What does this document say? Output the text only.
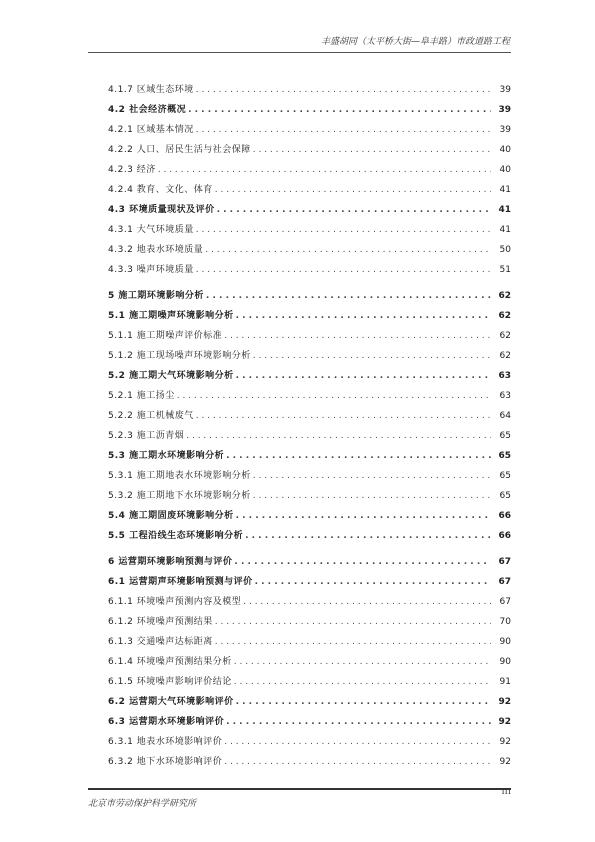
丰盛胡同（太平桥大街—阜丰路）市政道路工程
4.1.7 区域生态环境 . . .	39
4.2 社会经济概况 . . .	39
4.2.1 区域基本情况 . . .	39
4.2.2 人口、居民生活与社会保障 . . .	40
4.2.3 经济 . . .	40
4.2.4 教育、文化、体育 . . .	41
4.3 环境质量现状及评价 . . .	41
4.3.1 大气环境质量 . . .	41
4.3.2 地表水环境质量 . . .	50
4.3.3 噪声环境质量 . . .	51
5 施工期环境影响分析 . . .	62
5.1 施工期噪声环境影响分析 . . .	62
5.1.1 施工期噪声评价标准 . . .	62
5.1.2 施工现场噪声环境影响分析 . . .	62
5.2 施工期大气环境影响分析 . . .	63
5.2.1 施工扬尘 . . .	63
5.2.2 施工机械废气 . . .	64
5.2.3 施工沥青烟 . . .	65
5.3 施工期水环境影响分析 . . .	65
5.3.1 施工期地表水环境影响分析 . . .	65
5.3.2 施工期地下水环境影响分析 . . .	65
5.4 施工期固废环境影响分析 . . .	66
5.5 工程沿线生态环境影响分析 . . .	66
6 运营期环境影响预测与评价 . . .	67
6.1 运营期声环境影响预测与评价 . . .	67
6.1.1 环境噪声预测内容及模型 . . .	67
6.1.2 环境噪声预测结果 . . .	70
6.1.3 交通噪声达标距离 . . .	90
6.1.4 环境噪声预测结果分析 . . .	90
6.1.5 环境噪声影响评价结论 . . .	91
6.2 运营期大气环境影响评价 . . .	92
6.3 运营期水环境影响评价 . . .	92
6.3.1 地表水环境影响评价 . . .	92
6.3.2 地下水环境影响评价 . . .	92
北京市劳动保护科学研究所
III
